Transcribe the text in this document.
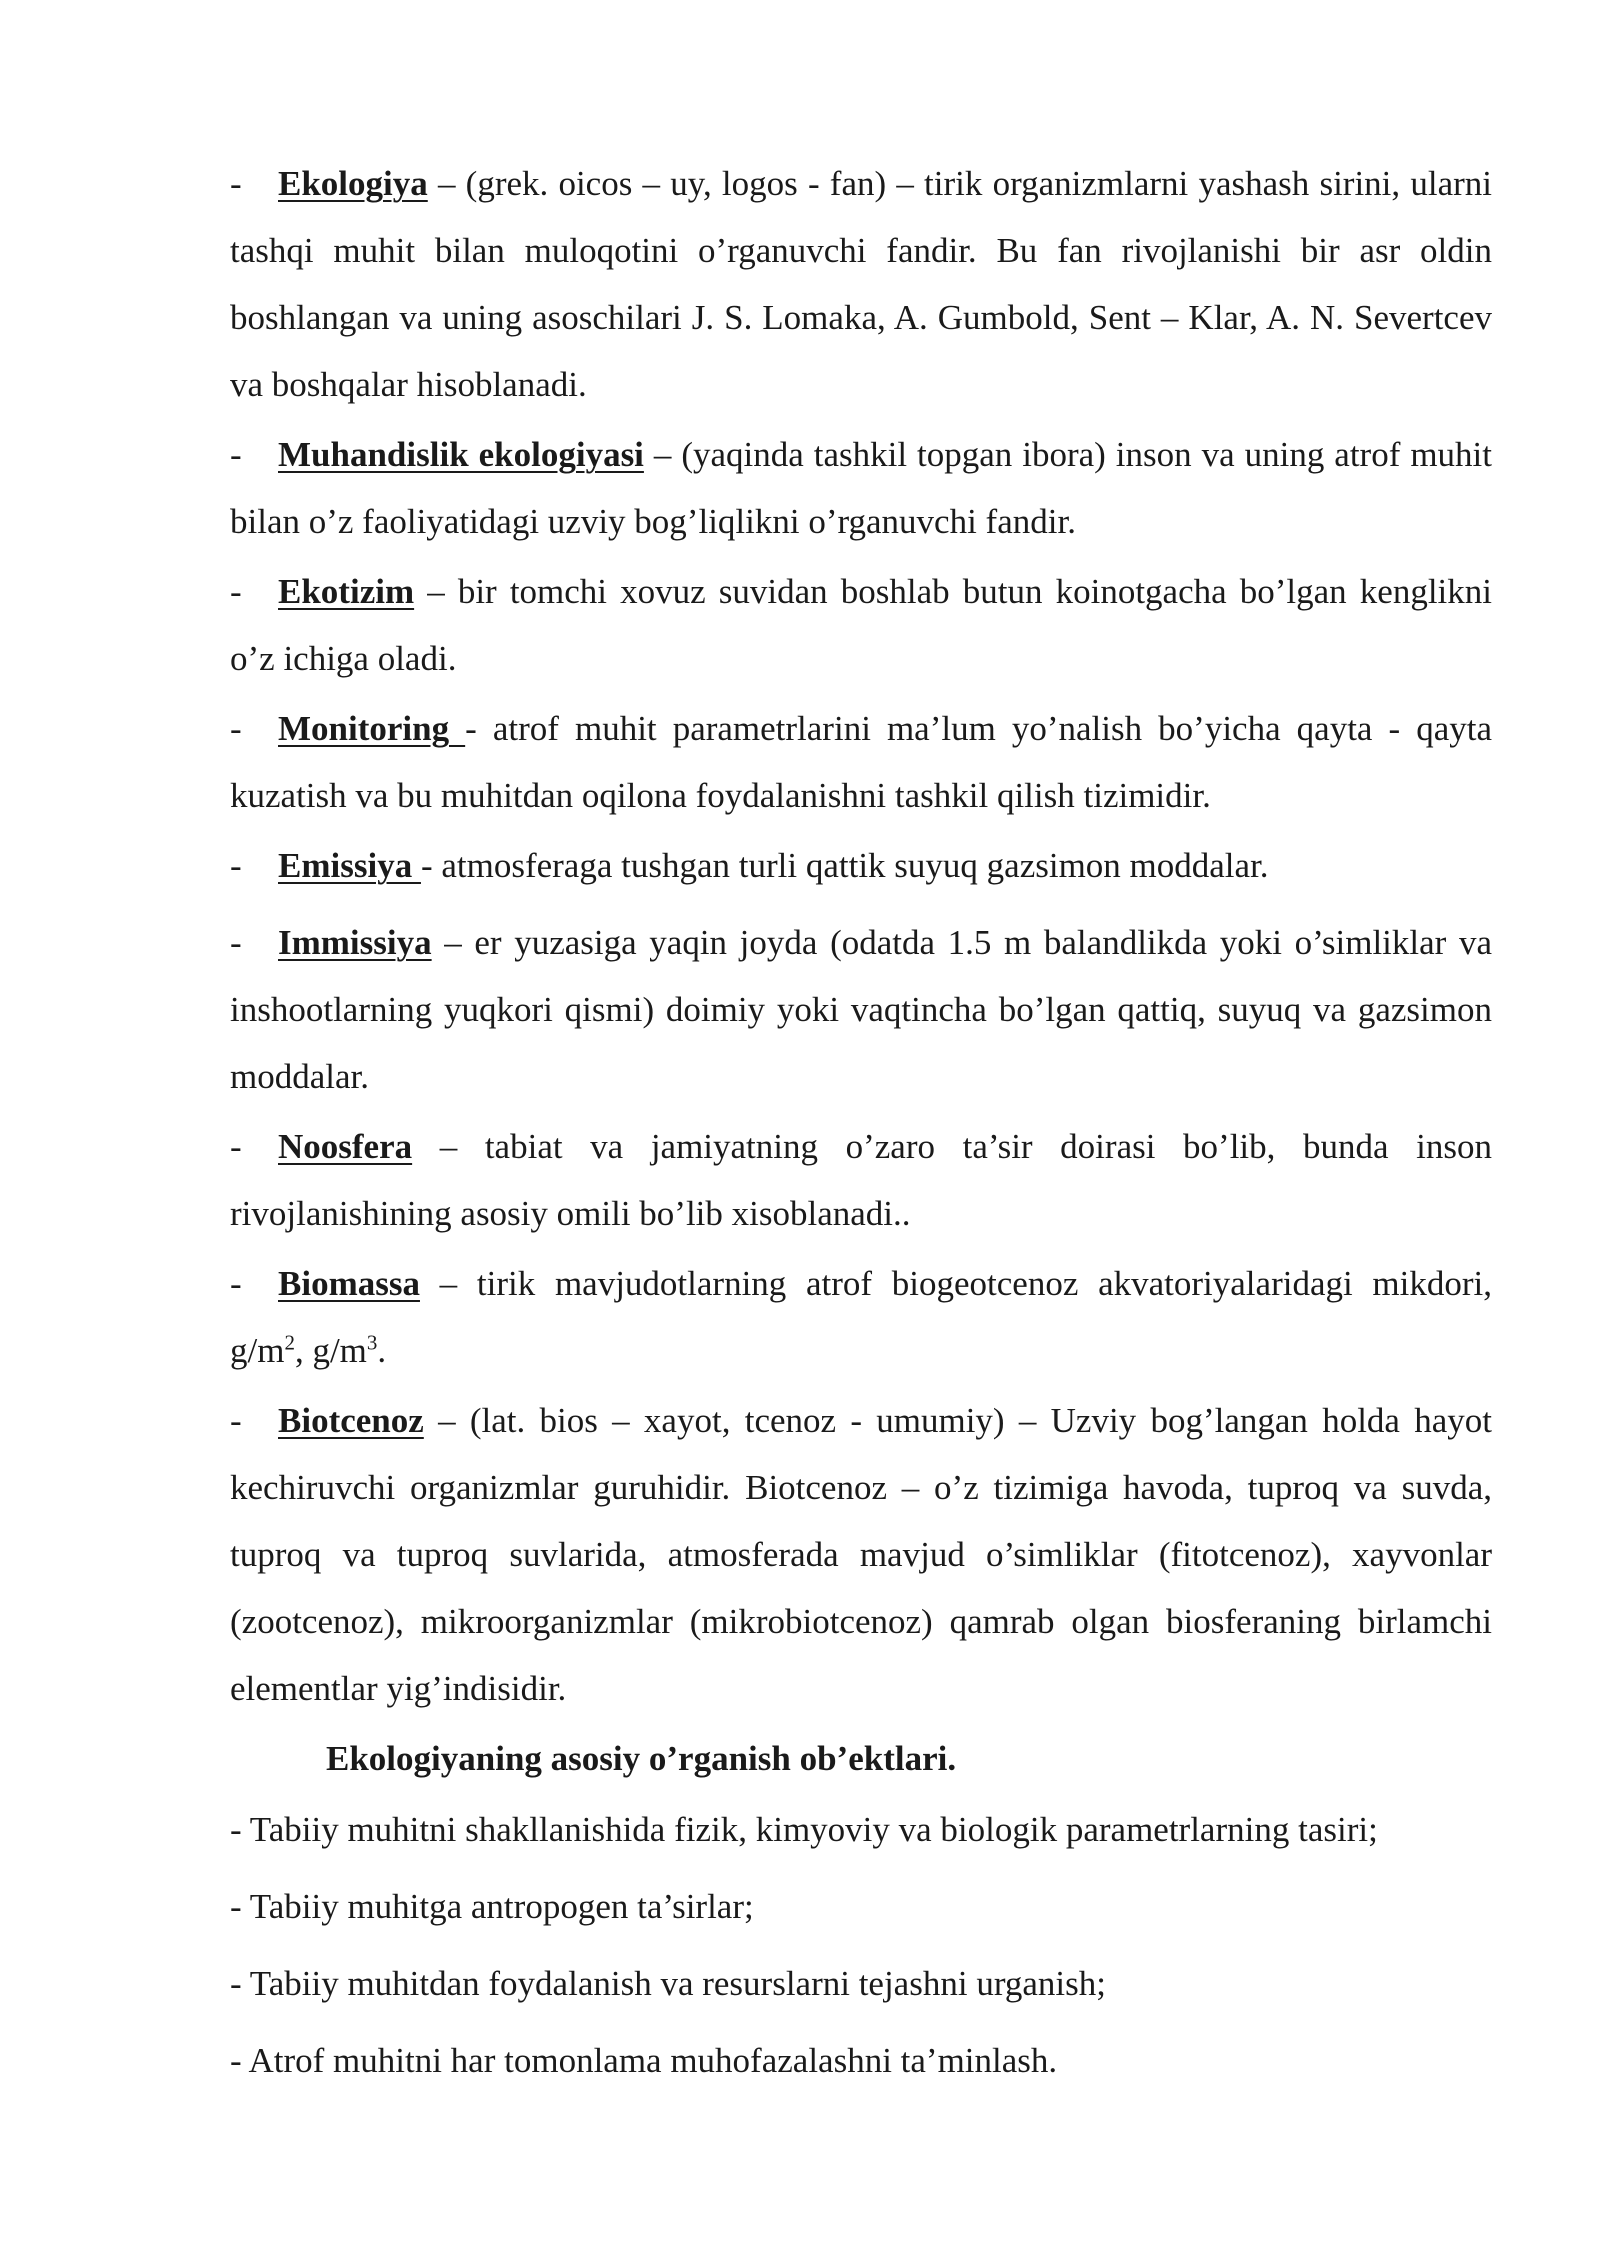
- Ekologiya – (grek. oicos – uy, logos - fan) – tirik organizmlarni yashash sirini, ularni tashqi muhit bilan muloqotini o’rganuvchi fandir. Bu fan rivojlanishi bir asr oldin boshlangan va uning asoschilari J. S. Lomaka, A. Gumbold, Sent – Klar, A. N. Severtcev va boshqalar hisoblanadi.

- Muhandislik ekologiyasi – (yaqinda tashkil topgan ibora) inson va uning atrof muhit bilan o’z faoliyatidagi uzviy bog’liqlikni o’rganuvchi fandir.

- Ekotizim – bir tomchi xovuz suvidan boshlab butun koinotgacha bo’lgan kenglikni o’z ichiga oladi.

- Monitoring - atrof muhit parametrlarini ma’lum yo’nalish bo’yicha qayta - qayta kuzatish va bu muhitdan oqilona foydalanishni tashkil qilish tizimidir.

- Emissiya - atmosferaga tushgan turli qattik suyuq gazsimon moddalar.

- Immissiya – er yuzasiga yaqin joyda (odatda 1.5 m balandlikda yoki o’simliklar va inshootlarning yuqkori qismi) doimiy yoki vaqtincha bo’lgan qattiq, suyuq va gazsimon moddalar.

- Noosfera – tabiat va jamiyatning o’zaro ta’sir doirasi bo’lib, bunda inson rivojlanishining asosiy omili bo’lib xisoblanadi..

- Biomassa – tirik mavjudotlarning atrof biogeotcenoz akvatoriyalaridagi mikdori, $g/m^2$, $g/m^3$.

- Biotcenoz – (lat. bios – xayot, tcenoz - umumiy) – Uzviy bog’langan holda hayot kechiruvchi organizmlar guruhidir. Biotcenoz – o’z tizimiga havoda, tuproq va suvda, tuproq va tuproq suvlarida, atmosferada mavjud o’simliklar (fitotcenoz), xayvonlar (zootcenoz), mikroorganizmlar (mikrobiotcenoz) qamrab olgan biosferaning birlamchi elementlar yig’indisidir.

Ekologiyaning asosiy o’rganish ob’ektlari.

- Tabiiy muhitni shakllanishida fizik, kimyoviy va biologik parametrlarning tasiri;

- Tabiiy muhitga antropogen ta’sirlar;

- Tabiiy muhitdan foydalanish va resurslarni tejashni urganish;

- Atrof muhitni har tomonlama muhofazalashni ta’minlash.
